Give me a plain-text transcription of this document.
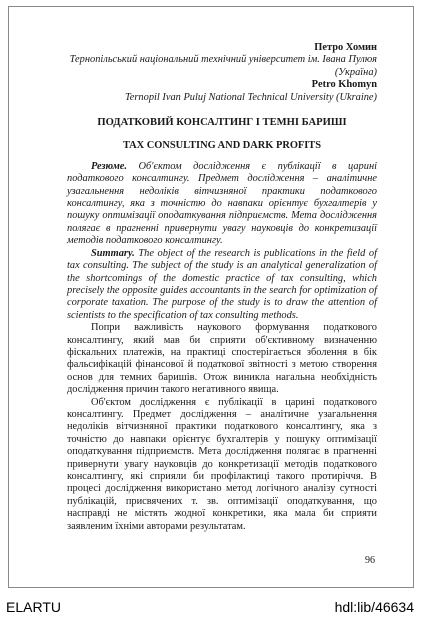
Петро Хомин
Тернопільський національний технічний університет ім. Івана Пулюя (Україна)
Petro Khomyn
Ternopil Ivan Puluj National Technical University (Ukraine)
ПОДАТКОВИЙ КОНСАЛТИНГ І ТЕМНІ БАРИШІ
TAX CONSULTING AND DARK PROFITS

Резюме. Об'єктом дослідження є публікації в царині податкового консалтингу. Предмет дослідження – аналітичне узагальнення недоліків вітчизняної практики податкового консалтингу, яка з точністю до навпаки орієнтує бухгалтерів у пошуку оптимізації оподаткування підприємств. Мета дослідження полягає в прагненні привернути увагу науковців до конкретизації методів податкового консалтингу.

Summary. The object of the research is publications in the field of tax consulting. The subject of the study is an analytical generalization of the shortcomings of the domestic practice of tax consulting, which precisely the opposite guides accountants in the search for optimization of corporate taxation. The purpose of the study is to draw the attention of scientists to the specification of tax consulting methods.

Попри важливість наукового формування податкового консалтингу, який мав би сприяти об'єктивному визначенню фіскальних платежів, на практиці спостерігається зболення в бік фальсифікацій фінансової й податкової звітності з метою створення основ для темних баришів. Отож виникла нагальна необхідність дослідження причин такого негативного явища.

Об'єктом дослідження є публікації в царині податкового консалтингу. Предмет дослідження – аналітичне узагальнення недоліків вітчизняної практики податкового консалтингу, яка з точністю до навпаки орієнтує бухгалтерів у пошуку оптимізації оподаткування підприємств. Мета дослідження полягає в прагненні привернути увагу науковців до конкретизації методів податкового консалтингу, які сприяли би профілактиці такого протиріччя. В процесі дослідження використано метод логічного аналізу сутності публікацій, присвячених т. зв. оптимізації оподаткування, що насправді не містять жодної конкретики, яка мала би сприяти заявленим їхніми авторами результатам.

96
ELARTU	hdl:lib/46634
